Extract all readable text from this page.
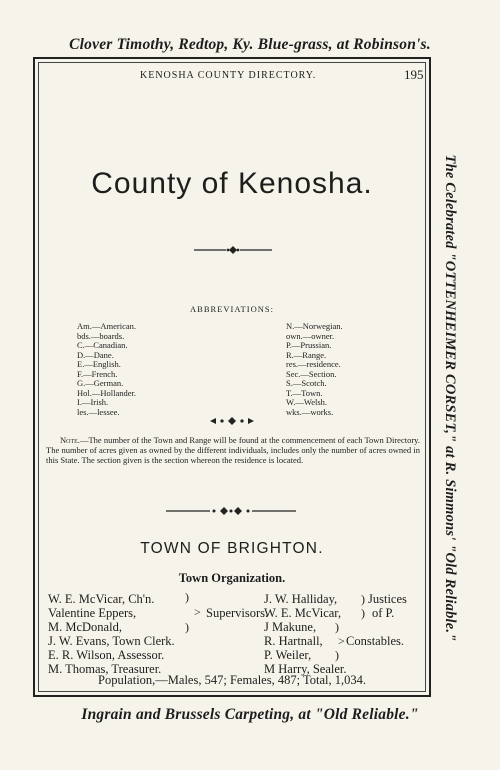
Clover Timothy, Redtop, Ky. Blue-grass, at Robinson's.
The Celebrated "OTTENHEIMER CORSET," at R. Simmons' "Old Reliable."
Ingrain and Brussels Carpeting, at "Old Reliable."
KENOSHA COUNTY DIRECTORY.	195
County of Kenosha.
ABBREVIATIONS:
Am.—American.
bds.—boards.
C.—Canadian.
D.—Dane.
E.—English.
F.—French.
G.—German.
Hol.—Hollander.
I.—Irish.
les.—lessee.
N.—Norwegian.
own.—owner.
P.—Prussian.
R.—Range.
res.—residence.
Sec.—Section.
S.—Scotch.
T.—Town.
W.—Welsh.
wks.—works.
Note.—The number of the Town and Range will be found at the commencement of each Town Directory. The number of acres given as owned by the different individuals, includes only the number of acres owned in this State. The section given is the section whereon the residence is located.
TOWN OF BRIGHTON.
Town Organization.
W. E. McVicar, Ch'n.
Valentine Eppers,
M. McDonald,
)
>
)
Supervisors.
J. W. Evans, Town Clerk.
E. R. Wilson, Assessor.
M. Thomas, Treasurer.
J. W. Halliday, ) Justices
W. E. McVicar, ) of P.
J Makune, )
R. Hartnall, > Constables.
P. Weiler, )
M Harry, Sealer.
Population,—Males, 547; Females, 487; Total, 1,034.
